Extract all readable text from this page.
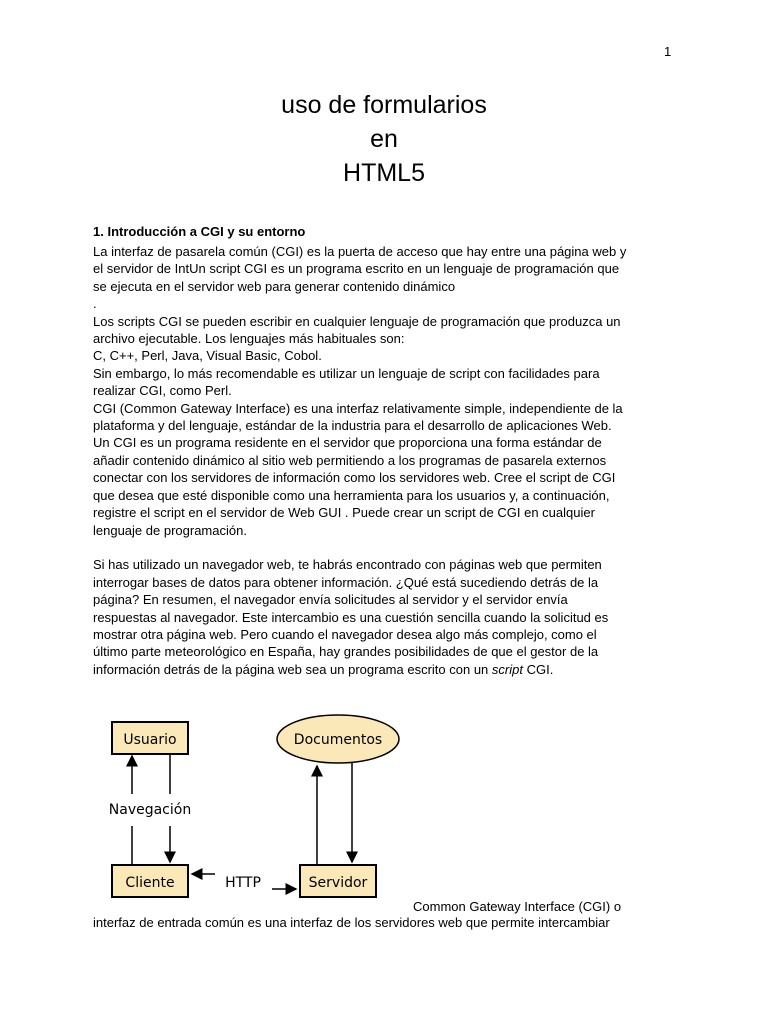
1
uso de formularios
en
HTML5
1. Introducción a CGI y su entorno
La interfaz de pasarela común (CGI) es la puerta de acceso que hay entre una página web y
el servidor de IntUn script CGI es un programa escrito en un lenguaje de programación que
se ejecuta en el servidor web para generar contenido dinámico
.
Los scripts CGI se pueden escribir en cualquier lenguaje de programación que produzca un
archivo ejecutable. Los lenguajes más habituales son:
C, C++, Perl, Java, Visual Basic, Cobol.
Sin embargo, lo más recomendable es utilizar un lenguaje de script con facilidades para
realizar CGI, como Perl.
CGI (Common Gateway Interface) es una interfaz relativamente simple, independiente de la
plataforma y del lenguaje, estándar de la industria para el desarrollo de aplicaciones Web.
Un CGI es un programa residente en el servidor que proporciona una forma estándar de
añadir contenido dinámico al sitio web permitiendo a los programas de pasarela externos
conectar con los servidores de información como los servidores web. Cree el script de CGI
que desea que esté disponible como una herramienta para los usuarios y, a continuación,
registre el script en el servidor de Web GUI . Puede crear un script de CGI en cualquier
lenguaje de programación.
Si has utilizado un navegador web, te habrás encontrado con páginas web que permiten
interrogar bases de datos para obtener información. ¿Qué está sucediendo detrás de la
página? En resumen, el navegador envía solicitudes al servidor y el servidor envía
respuestas al navegador. Este intercambio es una cuestión sencilla cuando la solicitud es
mostrar otra página web. Pero cuando el navegador desea algo más complejo, como el
último parte meteorológico en España, hay grandes posibilidades de que el gestor de la
información detrás de la página web sea un programa escrito con un script CGI.
Usuario	Documentos
Cliente	Servidor
Navegación
HTTP
Common Gateway Interface (CGI) o
interfaz de entrada común es una interfaz de los servidores web que permite intercambiar
